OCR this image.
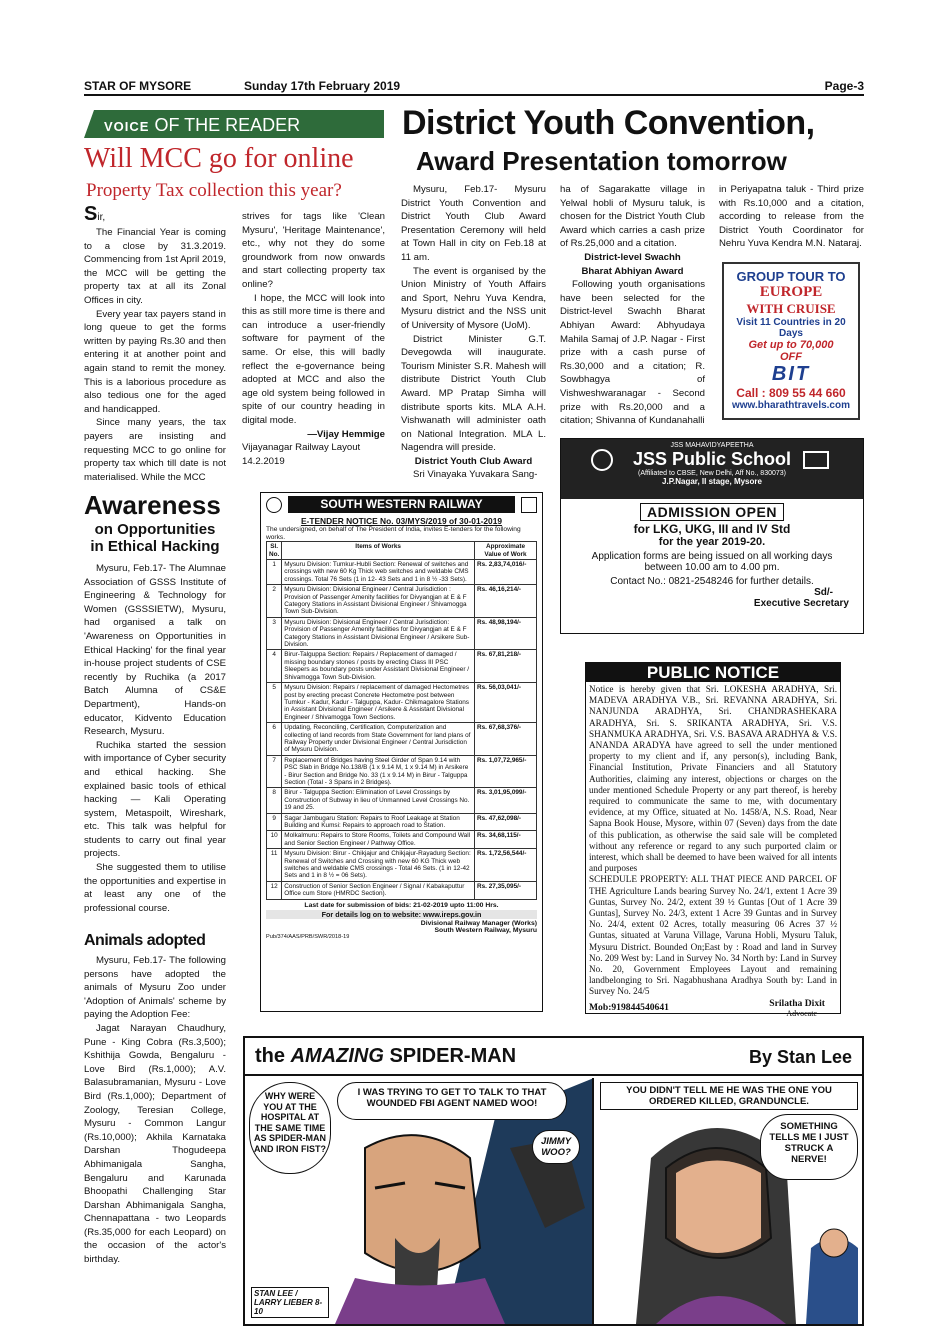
STAR OF MYSORE	Sunday 17th February 2019	Page-3
VOICE OF THE READER
Will MCC go for online
Property Tax collection this year?
Sir,

The Financial Year is coming to a close by 31.3.2019. Commencing from 1st April 2019, the MCC will be getting the property tax at all its Zonal Offices in city.

Every year tax payers stand in long queue to get the forms written by paying Rs.30 and then entering it at another point and again stand to remit the money. This is a laborious procedure as also tedious one for the aged and handicapped.

Since many years, the tax payers are insisting and requesting MCC to go online for property tax which till date is not materialised. While the MCC

strives for tags like 'Clean Mysuru', 'Heritage Maintenance', etc., why not they do some groundwork from now onwards and start collecting property tax online?

I hope, the MCC will look into this as still more time is there and can introduce a user-friendly software for payment of the same. Or else, this will badly reflect the e-governance being adopted at MCC and also the age old system being followed in spite of our country heading in digital mode.

—Vijay Hemmige
Vijayanagar Railway Layout
14.2.2019
District Youth Convention,
Award Presentation tomorrow

Mysuru, Feb.17- Mysuru District Youth Convention and District Youth Club Award Presentation Ceremony will held at Town Hall in city on Feb.18 at 11 am.

The event is organised by the Union Ministry of Youth Affairs and Sport, Nehru Yuva Kendra, Mysuru district and the NSS unit of University of Mysore (UoM).

District Minister G.T. Devegowda will inaugurate. Tourism Minister S.R. Mahesh will distribute District Youth Club Award. MP Pratap Simha will distribute sports kits. MLA A.H. Vishwanath will administer oath on National Integration. MLA L. Nagendra will preside.

District Youth Club Award

Sri Vinayaka Yuvakara Sang-

ha of Sagarakatte village in Yelwal hobli of Mysuru taluk, is chosen for the District Youth Club Award which carries a cash prize of Rs.25,000 and a citation.

District-level Swachh
Bharat Abhiyan Award

Following youth organisations have been selected for the District-level Swachh Bharat Abhiyan Award: Abhyudaya Mahila Samaj of J.P. Nagar - First prize with a cash purse of Rs.30,000 and a citation; R. Sowbhagya of Vishweshwaranagar - Second prize with Rs.20,000 and a citation; Shivanna of Kundanahalli

in Periyapatna taluk - Third prize with Rs.10,000 and a citation, according to release from the District Youth Coordinator for Nehru Yuva Kendra M.N. Nataraj.

GROUP TOUR TO
EUROPE
WITH CRUISE
Visit 11 Countries in 20 Days
Get up to 70,000
OFF
BIT
Call : 809 55 44 660
www.bharathtravels.com
JSS MAHAVIDYAPEETHA
JSS Public School
(Affiliated to CBSE, New Delhi, Aff No., 830073)
J.P.Nagar, II stage, Mysore
ADMISSION OPEN
for LKG, UKG, III and IV Std
for the year 2019-20.
Application forms are being issued on all working days
between 10.00 am to 4.00 pm.
Contact No.: 0821-2548246 for further details.
Sd/-
Executive Secretary
Awareness
on Opportunities
in Ethical Hacking

Mysuru, Feb.17- The Alumnae Association of GSSS Institute of Engineering & Technology for Women (GSSSIETW), Mysuru, had organised a talk on 'Awareness on Opportunities in Ethical Hacking' for the final year in-house project students of CSE recently by Ruchika (a 2017 Batch Alumna of CS&E Department), Hands-on educator, Kidvento Education Research, Mysuru.

Ruchika started the session with importance of Cyber security and ethical hacking. She explained basic tools of ethical hacking — Kali Operating system, Metaspoilt, Wireshark, etc. This talk was helpful for students to carry out final year projects.

She suggested them to utilise the opportunities and expertise in at least any one of the professional course.

Animals adopted

Mysuru, Feb.17- The following persons have adopted the animals of Mysuru Zoo under 'Adoption of Animals' scheme by paying the Adoption Fee:

Jagat Narayan Chaudhury, Pune - King Cobra (Rs.3,500); Kshithija Gowda, Bengaluru - Love Bird (Rs.1,000); A.V. Balasubramanian, Mysuru - Love Bird (Rs.1,000); Department of Zoology, Teresian College, Mysuru - Common Langur (Rs.10,000); Akhila Karnataka Darshan Thogudeepa Abhimanigala Sangha, Bengaluru and Karunada Bhoopathi Challenging Star Darshan Abhimanigala Sangha, Chennapattana - two Leopards (Rs.35,000 for each Leopard) on the occasion of the actor's birthday.

SOUTH WESTERN RAILWAY
E-TENDER NOTICE No. 03/MYS/2019 of 30-01-2019
The undersigned, on behalf of The President of India, invites E-tenders for the following works.
Sl. No.	Items of Works	Approximate Value of Work
1	Mysuru Division: Tumkur-Hubli Section: Renewal of switches and crossings with new 60 Kg Thick web switches and weldable CMS crossings. Total 76 Sets (1 in 12- 43 Sets and 1 in 8 ½ -33 Sets).	Rs. 2,83,74,016/-
2	Mysuru Division: Divisional Engineer / Central Jurisdiction : Provision of Passenger Amenity facilities for Divyangjan at E & F Category Stations in Assistant Divisional Engineer / Shivamogga Town Sub-Division.	Rs. 46,16,214/-
3	Mysuru Division: Divisional Engineer / Central Jurisdiction: Provision of Passenger Amenity facilities for Divyangjan at E & F Category Stations in Assistant Divisional Engineer / Arsikere Sub-Division.	Rs. 48,98,194/-
4	Birur-Talguppa Section: Repairs / Replacement of damaged / missing boundary stones / posts by erecting Class III PSC Sleepers as boundary posts under Assistant Divisional Engineer / Shivamogga Town Sub-Division.	Rs. 67,81,218/-
5	Mysuru Division: Repairs / replacement of damaged Hectometres post by erecting precast Concrete Hectometre post between Tumkur - Kadur, Kadur - Talguppa, Kadur- Chikmagalore Stations in Assistant Divisional Engineer / Arsikere & Assistant Divisional Engineer / Shivamogga Town Sections.	Rs. 56,03,041/-
6	Updating, Reconciling, Certification, Computerization and collecting of land records from State Government for land plans of Railway Property under Divisional Engineer / Central Jurisdiction of Mysuru Division.	Rs. 67,68,376/-
7	Replacement of Bridges having Steel Girder of Span 9.14 with PSC Slab in Bridge No.138/B (1 x 9.14 M, 1 x 9.14 M) in Arsikere - Birur Section and Bridge No. 33 (1 x 9.14 M) in Birur - Talguppa Section (Total - 3 Spans in 2 Bridges).	Rs. 1,07,72,965/-
8	Birur - Talguppa Section: Elimination of Level Crossings by Construction of Subway in lieu of Unmanned Level Crossings No. 19 and 25.	Rs. 3,01,95,099/-
9	Sagar Jambugaru Station: Repairs to Roof Leakage at Station Building and Kumsi: Repairs to approach road to Station.	Rs. 47,62,098/-
10	Molkalmuru: Repairs to Store Rooms, Toilets and Compound Wall and Senior Section Engineer / Pathway Office.	Rs. 34,68,115/-
11	Mysuru Division: Birur - Chikjajur and Chikjajur-Rayadurg Section: Renewal of Switches and Crossing with new 60 KG Thick web switches and weldable CMS crossings - Total 46 Sets. (1 in 12-42 Sets and 1 in 8 ½ = 06 Sets).	Rs. 1,72,56,544/-
12	Construction of Senior Section Engineer / Signal / Kabakaputtur Office cum Store (HMRDC Section).	Rs. 27,35,095/-
Last date for submission of bids: 21-02-2019 upto 11:00 Hrs.
For details log on to website: www.ireps.gov.in
Divisional Railway Manager (Works)
South Western Railway, Mysuru
Pub/374/AAS/PRB/SWR/2018-19
PUBLIC NOTICE
Notice is hereby given that Sri. LOKESHA ARADHYA, Sri. MADEVA ARADHYA V.B., Sri. REVANNA ARADHYA, Sri. NANJUNDA ARADHYA, Sri. CHANDRASHEKARA ARADHYA, Sri. S. SRIKANTA ARADHYA, Sri. V.S. SHANMUKA ARADHYA, Sri. V.S. BASAVA ARADHYA & V.S. ANANDA ARADYA have agreed to sell the under mentioned property to my client and if, any person(s), including Bank, Financial Institution, Private Financiers and all Statutory Authorities, claiming any interest, objections or charges on the under mentioned Schedule Property or any part thereof, is hereby required to communicate the same to me, with documentary evidence, at my Office, situated at No. 1458/A, N.S. Road, Near Sapna Book House, Mysore, within 07 (Seven) days from the date of this publication, as otherwise the said sale will be completed without any reference or regard to any such purported claim or interest, which shall be deemed to have been waived for all intents and purposes
SCHEDULE PROPERTY: ALL THAT PIECE AND PARCEL OF THE Agriculture Lands bearing Survey No. 24/1, extent 1 Acre 39 Guntas, Survey No. 24/2, extent 39 ½ Guntas [Out of 1 Acre 39 Guntas], Survey No. 24/3, extent 1 Acre 39 Guntas and in Survey No. 24/4, extent 02 Acres, totally measuring 06 Acres 37 ½ Guntas, situated at Varuna Village, Varuna Hobli, Mysuru Taluk, Mysuru District. Bounded On;East by : Road and land in Survey No. 209 West by: Land in Survey No. 34 North by: Land in Survey No. 20, Government Employees Layout and remaining landbelonging to Sri. Nagabhushana Aradhya South by: Land in Survey No. 24/5
Mob:919844540641	Srilatha Dixit
Advocate
the AMAZING SPIDER-MAN	By Stan Lee
WHY WERE YOU AT THE HOSPITAL AT THE SAME TIME AS SPIDER-MAN AND IRON FIST?
I WAS TRYING TO GET TO TALK TO THAT WOUNDED FBI AGENT NAMED WOO!
JIMMY WOO?
STAN LEE / LARRY LIEBER 8-10
YOU DIDN'T TELL ME HE WAS THE ONE YOU ORDERED KILLED, GRANDUNCLE.
SOMETHING TELLS ME I JUST STRUCK A NERVE!
